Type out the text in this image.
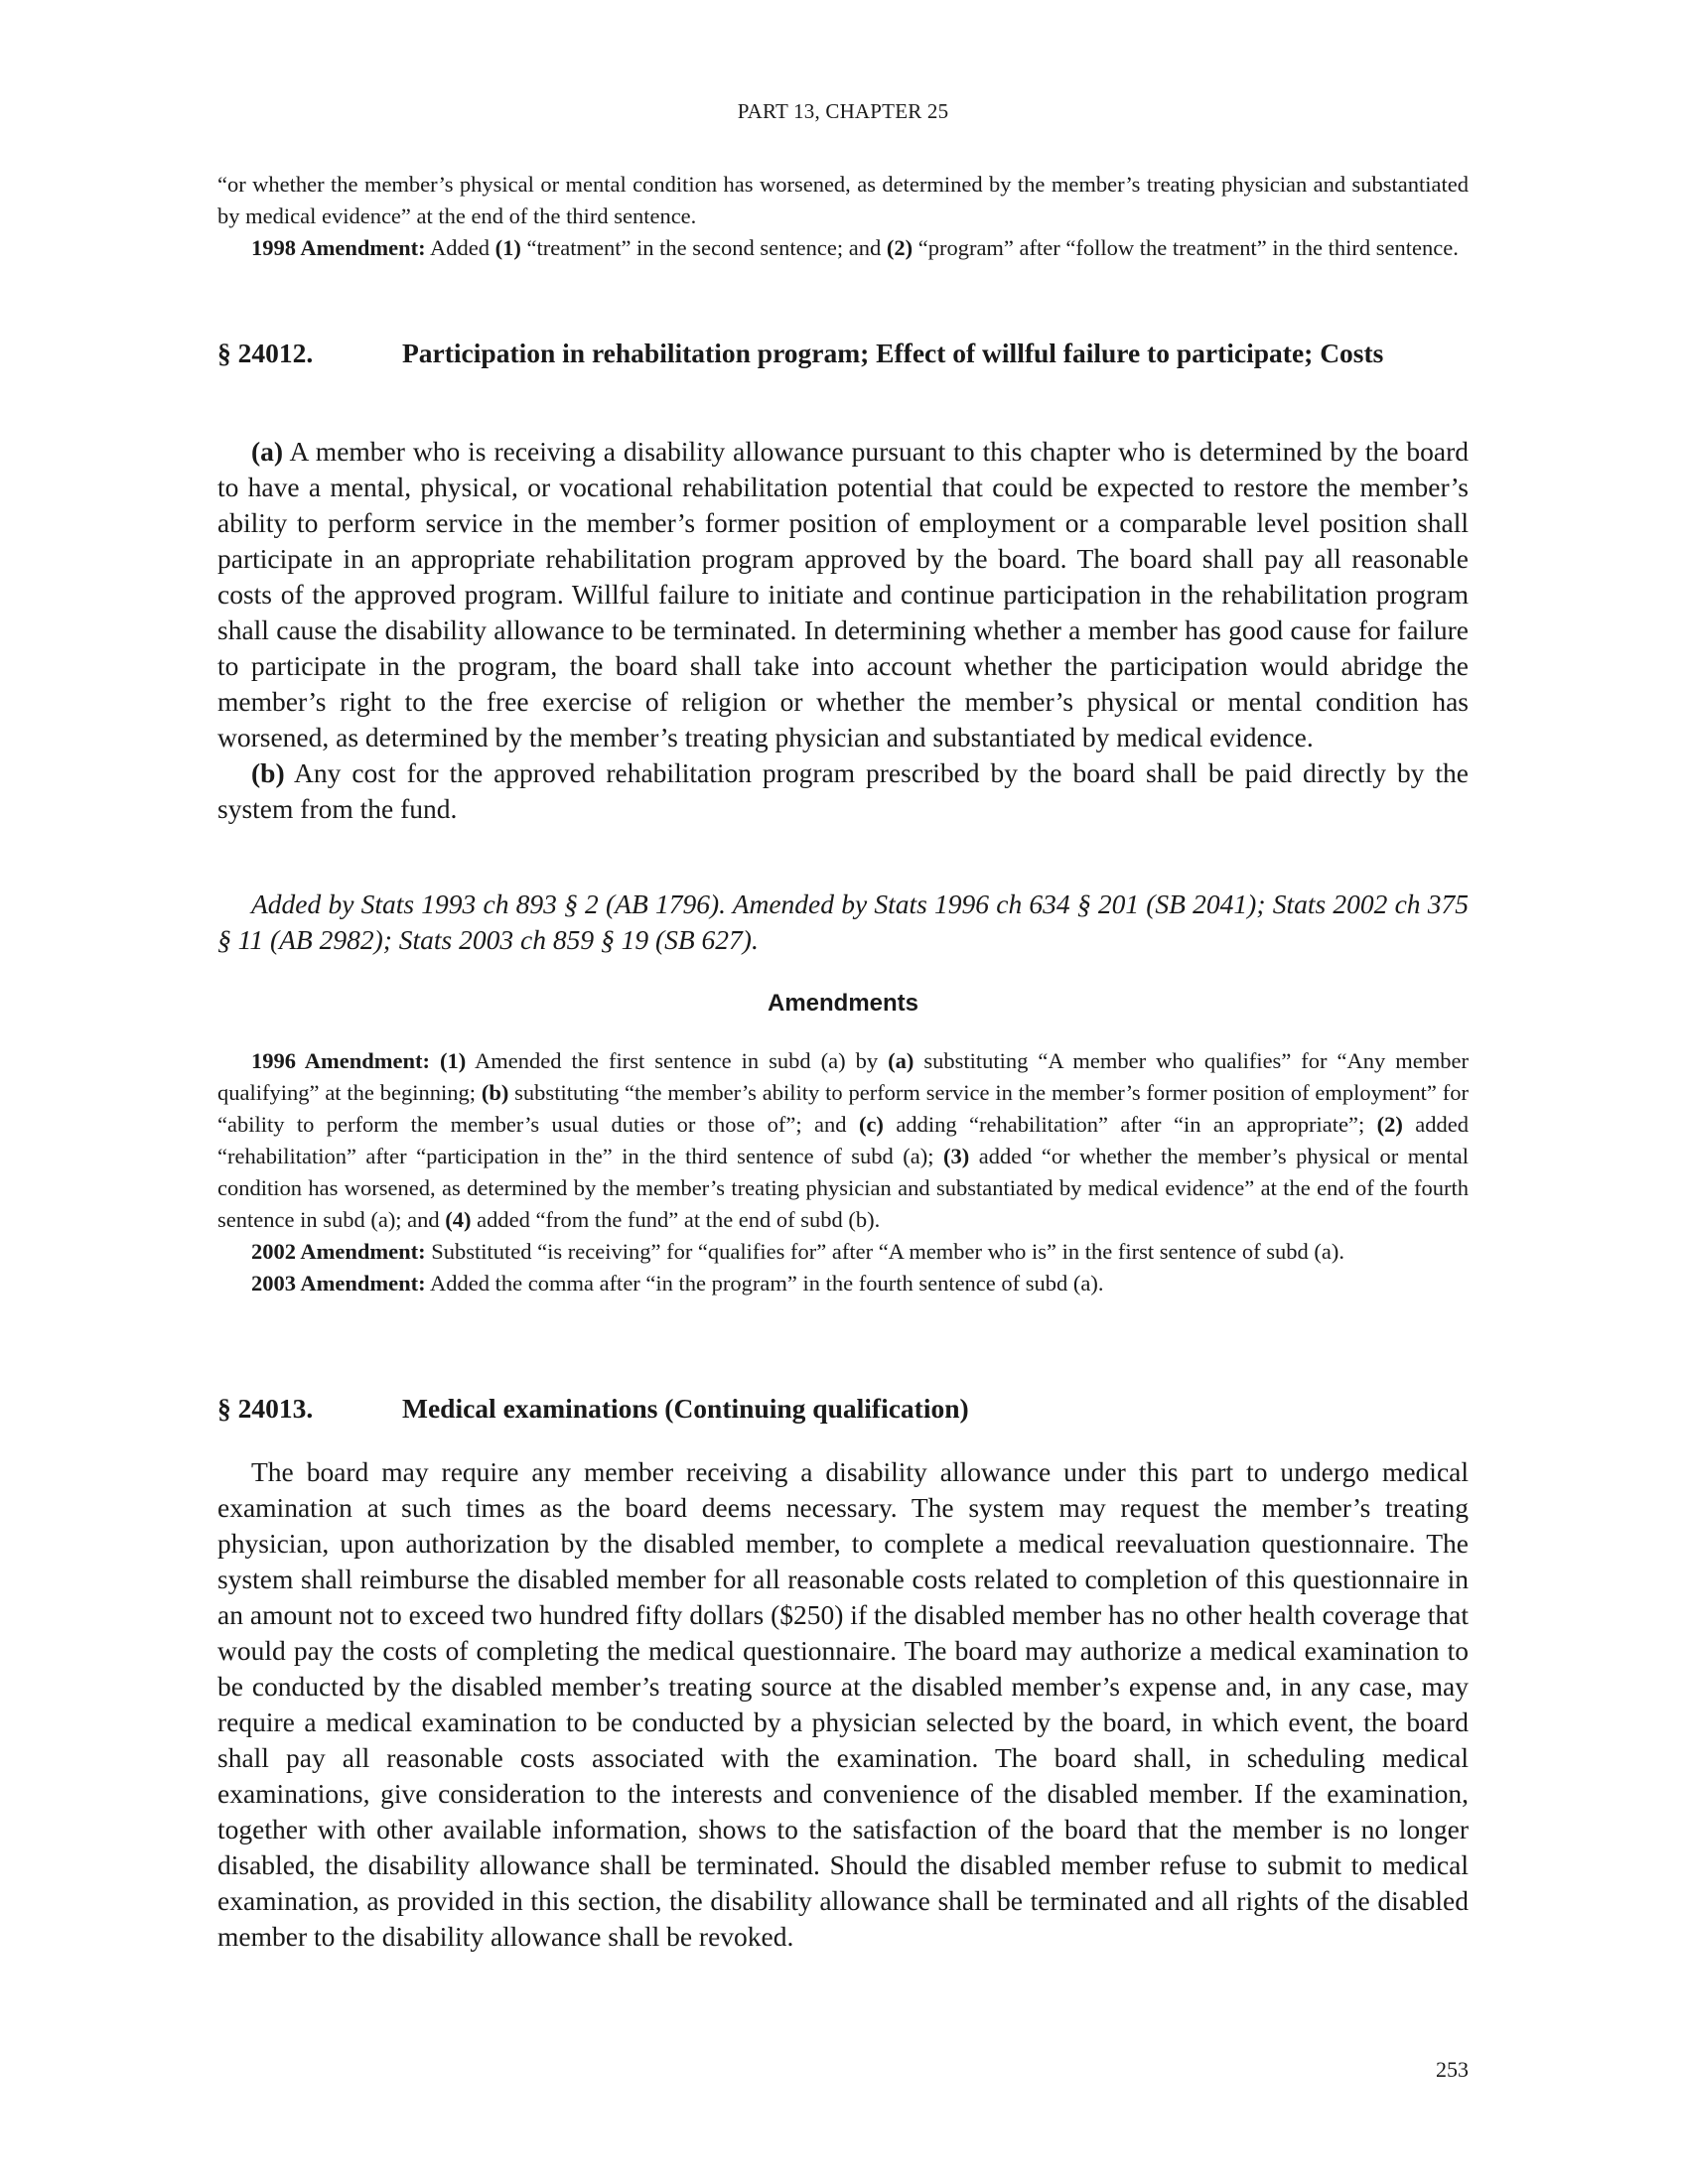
PART 13, CHAPTER 25

“or whether the member’s physical or mental condition has worsened, as determined by the member’s treating physician and substantiated by medical evidence” at the end of the third sentence.

1998 Amendment: Added (1) “treatment” in the second sentence; and (2) “program” after “follow the treatment” in the third sentence.

§ 24012.	Participation in rehabilitation program; Effect of willful failure to participate; Costs

(a) A member who is receiving a disability allowance pursuant to this chapter who is determined by the board to have a mental, physical, or vocational rehabilitation potential that could be expected to restore the member’s ability to perform service in the member’s former position of employment or a comparable level position shall participate in an appropriate rehabilitation program approved by the board. The board shall pay all reasonable costs of the approved program. Willful failure to initiate and continue participation in the rehabilitation program shall cause the disability allowance to be terminated. In determining whether a member has good cause for failure to participate in the program, the board shall take into account whether the participation would abridge the member’s right to the free exercise of religion or whether the member’s physical or mental condition has worsened, as determined by the member’s treating physician and substantiated by medical evidence.

(b) Any cost for the approved rehabilitation program prescribed by the board shall be paid directly by the system from the fund.

Added by Stats 1993 ch 893 § 2 (AB 1796). Amended by Stats 1996 ch 634 § 201 (SB 2041); Stats 2002 ch 375 § 11 (AB 2982); Stats 2003 ch 859 § 19 (SB 627).
Amendments

1996 Amendment: (1) Amended the first sentence in subd (a) by (a) substituting “A member who qualifies” for “Any member qualifying” at the beginning; (b) substituting “the member’s ability to perform service in the member’s former position of employment” for “ability to perform the member’s usual duties or those of”; and (c) adding “rehabilitation” after “in an appropriate”; (2) added “rehabilitation” after “participation in the” in the third sentence of subd (a); (3) added “or whether the member’s physical or mental condition has worsened, as determined by the member’s treating physician and substantiated by medical evidence” at the end of the fourth sentence in subd (a); and (4) added “from the fund” at the end of subd (b).

2002 Amendment: Substituted “is receiving” for “qualifies for” after “A member who is” in the first sentence of subd (a).

2003 Amendment: Added the comma after “in the program” in the fourth sentence of subd (a).

§ 24013.	Medical examinations (Continuing qualification)

The board may require any member receiving a disability allowance under this part to undergo medical examination at such times as the board deems necessary. The system may request the member’s treating physician, upon authorization by the disabled member, to complete a medical reevaluation questionnaire. The system shall reimburse the disabled member for all reasonable costs related to completion of this questionnaire in an amount not to exceed two hundred fifty dollars ($250) if the disabled member has no other health coverage that would pay the costs of completing the medical questionnaire. The board may authorize a medical examination to be conducted by the disabled member’s treating source at the disabled member’s expense and, in any case, may require a medical examination to be conducted by a physician selected by the board, in which event, the board shall pay all reasonable costs associated with the examination. The board shall, in scheduling medical examinations, give consideration to the interests and convenience of the disabled member. If the examination, together with other available information, shows to the satisfaction of the board that the member is no longer disabled, the disability allowance shall be terminated. Should the disabled member refuse to submit to medical examination, as provided in this section, the disability allowance shall be terminated and all rights of the disabled member to the disability allowance shall be revoked.

253
